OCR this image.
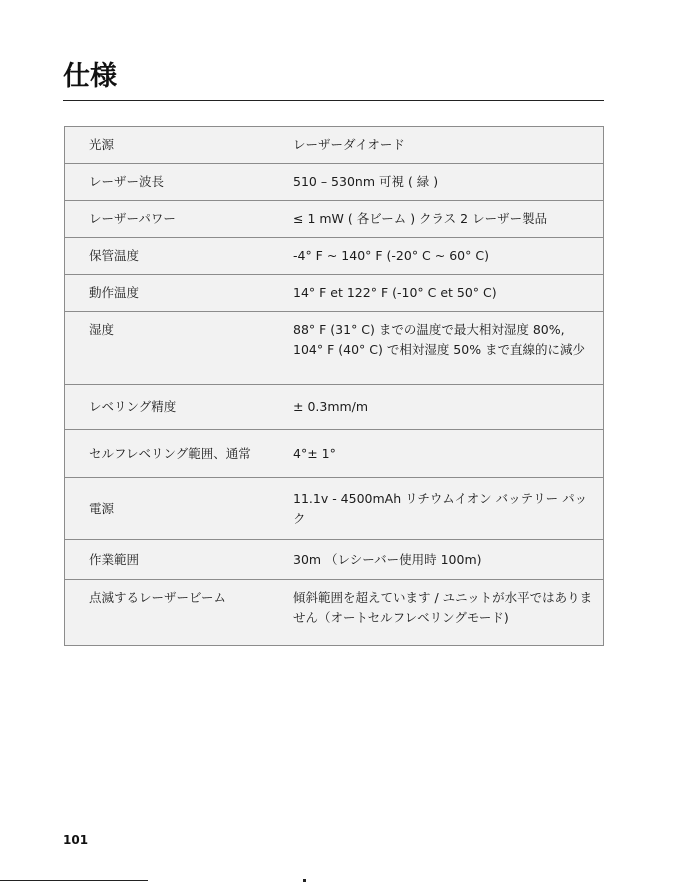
仕様
光源	レーザーダイオード
レーザー波長	510 – 530nm 可視 ( 緑 )
レーザーパワー	≤ 1 mW ( 各ビーム ) クラス 2 レーザー製品
保管温度	-4° F ~ 140° F (-20° C ~ 60° C)
動作温度	14° F et 122° F (-10° C et 50° C)
湿度	88° F (31° C) までの温度で最大相対湿度 80%, 104° F (40° C) で相対湿度 50% まで直線的に減少
レベリング精度	± 0.3mm/m
セルフレベリング範囲、通常	4°± 1°
電源	11.1v - 4500mAh リチウムイオン バッテリー パック
作業範囲	30m （レシーバー使用時 100m)
点滅するレーザービーム	傾斜範囲を超えています / ユニットが水平ではありません（オートセルフレベリングモード)
101
